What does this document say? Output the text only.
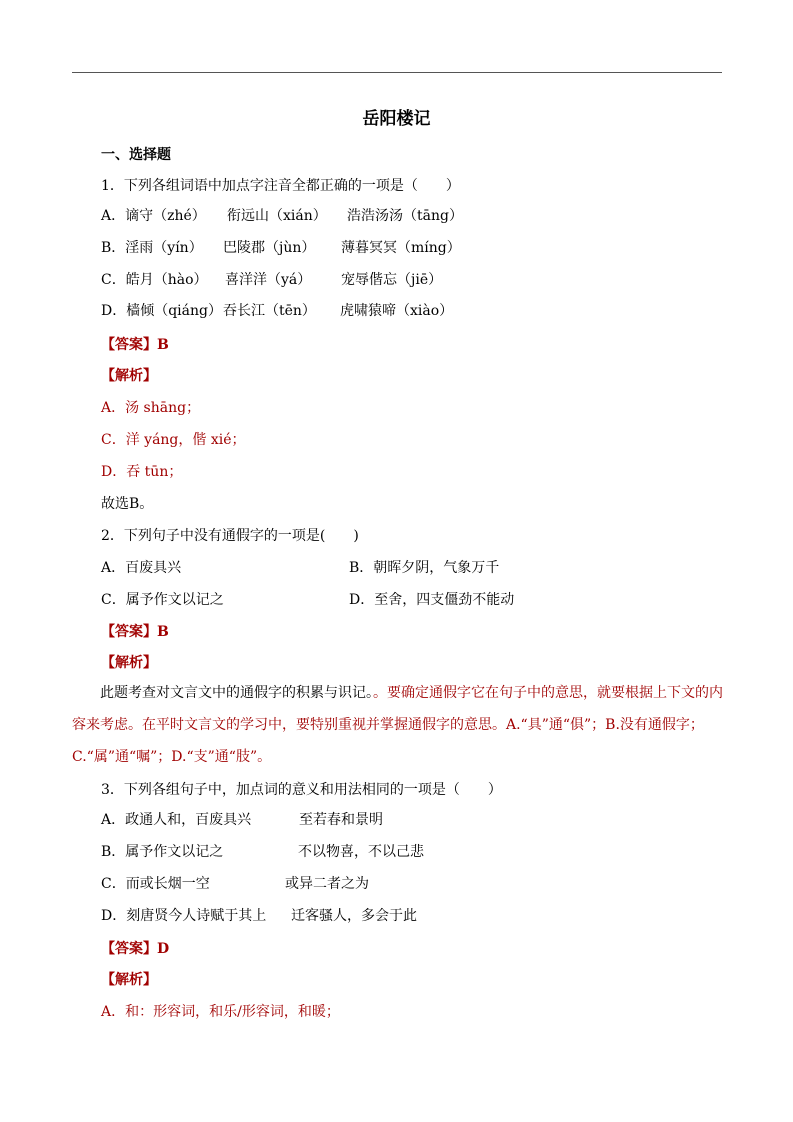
岳阳楼记
一、选择题
1．下列各组词语中加点字注音全都正确的一项是（　　）
A．谪守（zhé） 衔远山（xián） 浩浩汤汤（tāng）
B．淫雨（yín） 巴陵郡（jùn） 薄暮冥冥（míng）
C．皓月（hào） 喜洋洋（yá） 宠辱偕忘（jiē）
D．樯倾（qiáng）吞长江（tēn） 虎啸猿啼（xiào）
【答案】B
【解析】
A．汤 shāng；
C．洋 yáng，偕 xié；
D．吞 tūn；
故选B。
2．下列句子中没有通假字的一项是(　　)
A．百废具兴	B．朝晖夕阴，气象万千
C．属予作文以记之	D．至舍，四支僵劲不能动
【答案】B
【解析】
此题考查对文言文中的通假字的积累与识记。。要确定通假字它在句子中的意思，就要根据上下文的内容来考虑。在平时文言文的学习中，要特别重视并掌握通假字的意思。A.“具”通“俱”；B.没有通假字；C.“属”通“嘱”；D.“支”通“肢”。
3．下列各组句子中，加点词的意义和用法相同的一项是（　　）
A．政通人和，百废具兴	至若春和景明
B．属予作文以记之	不以物喜，不以己悲
C．而或长烟一空	或异二者之为
D．刻唐贤今人诗赋于其上 迁客骚人，多会于此
【答案】D
【解析】
A．和：形容词，和乐/形容词，和暖；
